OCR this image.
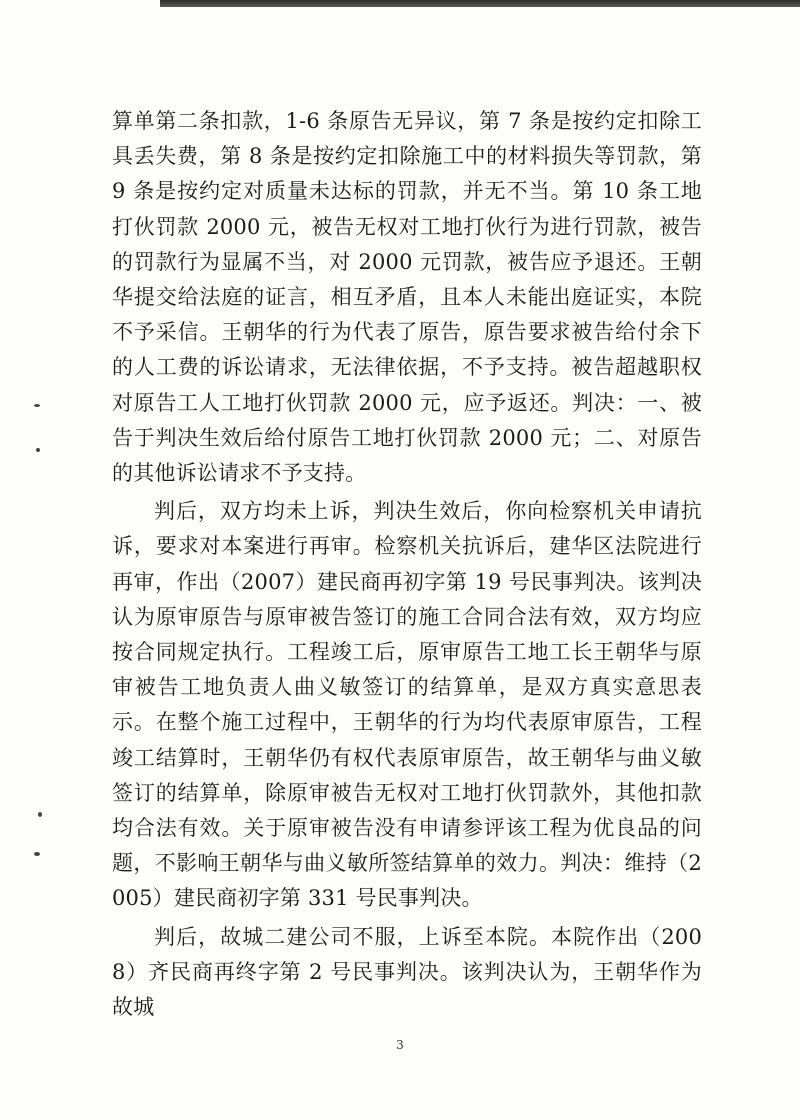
算单第二条扣款，1-6 条原告无异议，第 7 条是按约定扣除工具丢失费，第 8 条是按约定扣除施工中的材料损失等罚款，第 9 条是按约定对质量未达标的罚款，并无不当。第 10 条工地打伙罚款 2000 元，被告无权对工地打伙行为进行罚款，被告的罚款行为显属不当，对 2000 元罚款，被告应予退还。王朝华提交给法庭的证言，相互矛盾，且本人未能出庭证实，本院不予采信。王朝华的行为代表了原告，原告要求被告给付余下的人工费的诉讼请求，无法律依据，不予支持。被告超越职权对原告工人工地打伙罚款 2000 元，应予返还。判决：一、被告于判决生效后给付原告工地打伙罚款 2000 元；二、对原告的其他诉讼请求不予支持。

判后，双方均未上诉，判决生效后，你向检察机关申请抗诉，要求对本案进行再审。检察机关抗诉后，建华区法院进行再审，作出（2007）建民商再初字第 19 号民事判决。该判决认为原审原告与原审被告签订的施工合同合法有效，双方均应按合同规定执行。工程竣工后，原审原告工地工长王朝华与原审被告工地负责人曲义敏签订的结算单，是双方真实意思表示。在整个施工过程中，王朝华的行为均代表原审原告，工程竣工结算时，王朝华仍有权代表原审原告，故王朝华与曲义敏签订的结算单，除原审被告无权对工地打伙罚款外，其他扣款均合法有效。关于原审被告没有申请参评该工程为优良品的问题，不影响王朝华与曲义敏所签结算单的效力。判决：维持（2005）建民商初字第 331 号民事判决。

判后，故城二建公司不服，上诉至本院。本院作出（2008）齐民商再终字第 2 号民事判决。该判决认为，王朝华作为故城

3
